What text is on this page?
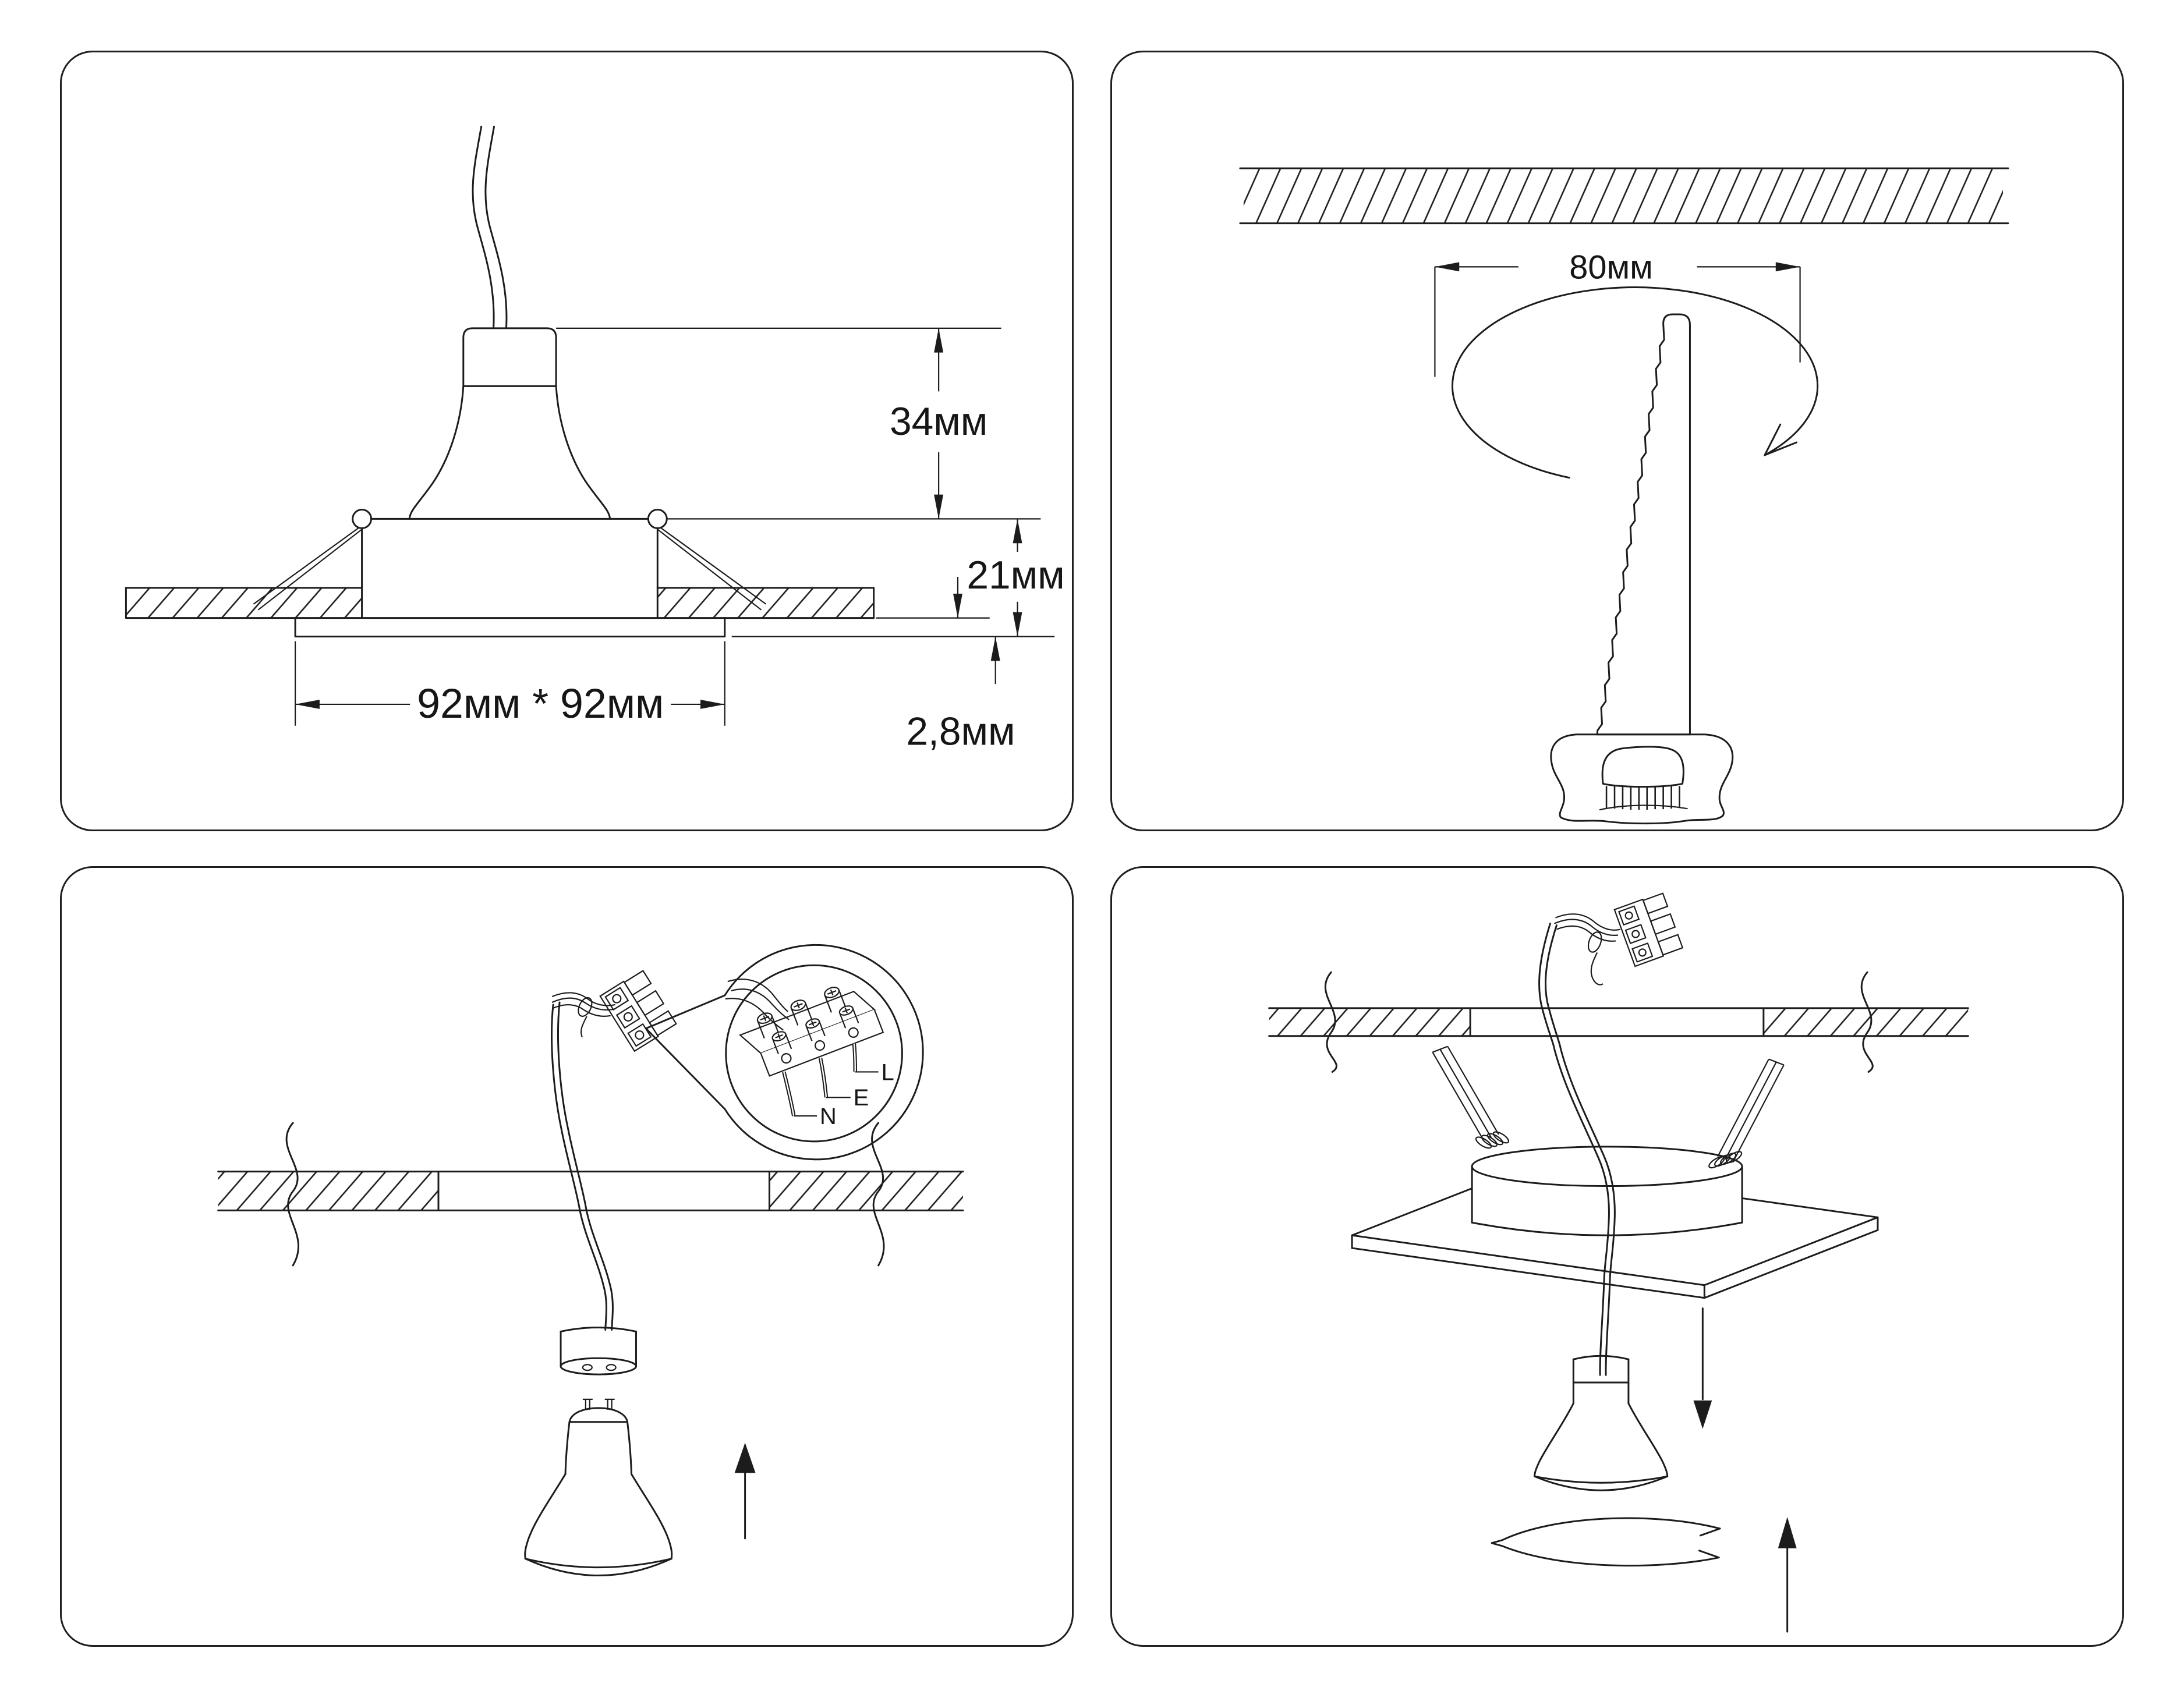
34мм
21мм
2,8мм
92мм * 92мм
80мм
L
E
N
